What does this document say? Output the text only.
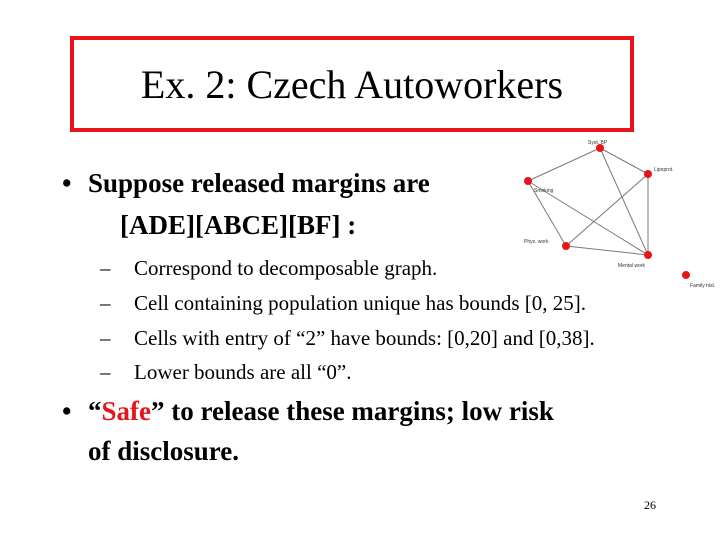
Ex. 2: Czech Autoworkers
Syst. BP
Lipoprot.
Smoking
Phys. work
Mental work
Family hist.
• Suppose released margins are
[ADE][ABCE][BF] :
– Correspond to decomposable graph.
– Cell containing population unique has bounds [0, 25].
– Cells with entry of “2” have bounds: [0,20] and [0,38].
– Lower bounds are all “0”.
• “Safe” to release these margins; low risk
of disclosure.
26
